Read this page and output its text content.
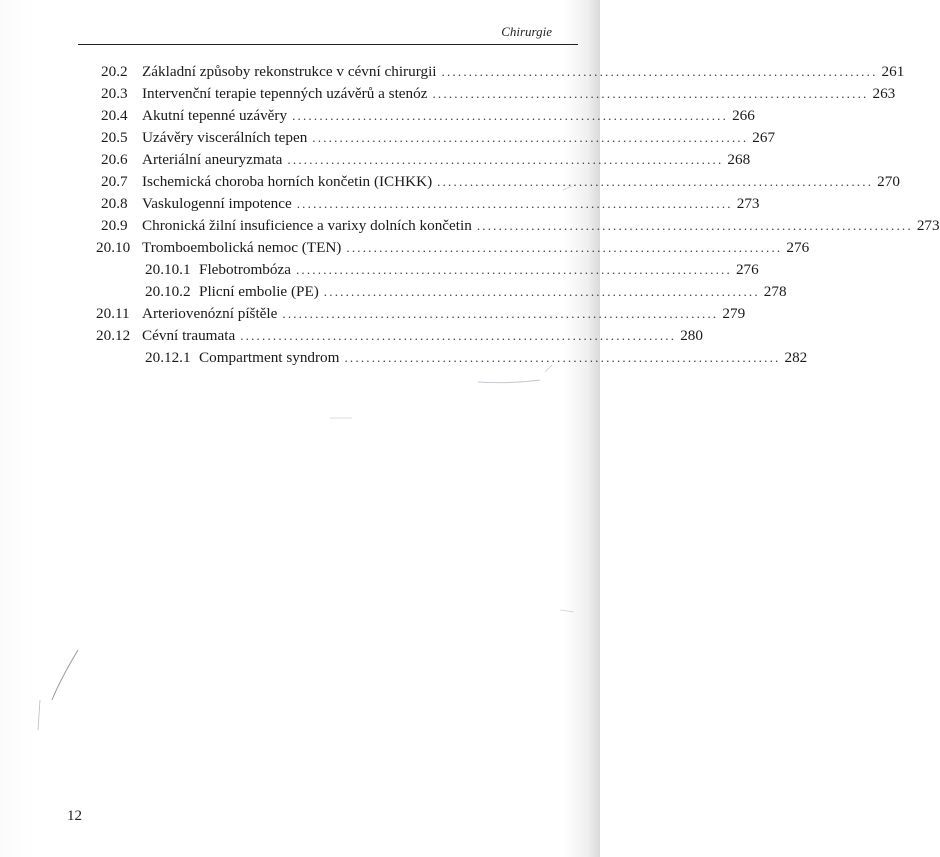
Chirurgie
20.2 Základní způsoby rekonstrukce v cévní chirurgii ................................................................................ 261
20.3 Intervenční terapie tepenných uzávěrů a stenóz ................................................................................ 263
20.4 Akutní tepenné uzávěry ................................................................................ 266
20.5 Uzávěry viscerálních tepen ................................................................................ 267
20.6 Arteriální aneuryzmata ................................................................................ 268
20.7 Ischemická choroba horních končetin (ICHKK) ................................................................................ 270
20.8 Vaskulogenní impotence ................................................................................ 273
20.9 Chronická žilní insuficience a varixy dolních končetin ................................................................................ 273
20.10 Tromboembolická nemoc (TEN) ................................................................................ 276
20.10.1 Flebotrombóza ................................................................................ 276
20.10.2 Plicní embolie (PE) ................................................................................ 278
20.11 Arteriovenózní píštěle ................................................................................ 279
20.12 Cévní traumata ................................................................................ 280
20.12.1 Compartment syndrom ................................................................................ 282
12
